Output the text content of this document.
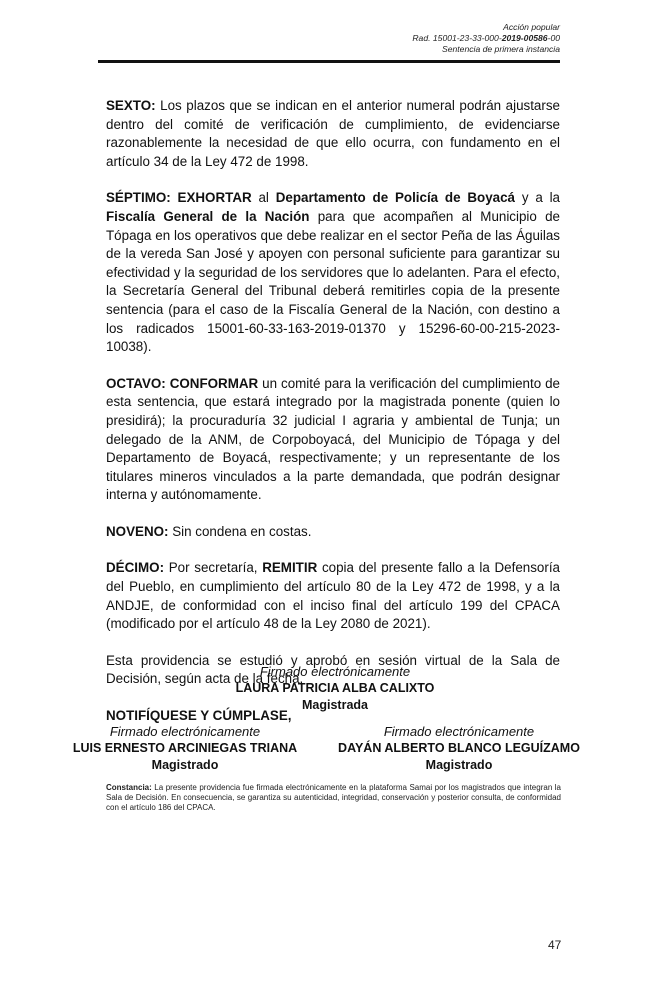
Acción popular
Rad. 15001-23-33-000-2019-00586-00
Sentencia de primera instancia

SEXTO: Los plazos que se indican en el anterior numeral podrán ajustarse dentro del comité de verificación de cumplimiento, de evidenciarse razonablemente la necesidad de que ello ocurra, con fundamento en el artículo 34 de la Ley 472 de 1998.

SÉPTIMO: EXHORTAR al Departamento de Policía de Boyacá y a la Fiscalía General de la Nación para que acompañen al Municipio de Tópaga en los operativos que debe realizar en el sector Peña de las Águilas de la vereda San José y apoyen con personal suficiente para garantizar su efectividad y la seguridad de los servidores que lo adelanten. Para el efecto, la Secretaría General del Tribunal deberá remitirles copia de la presente sentencia (para el caso de la Fiscalía General de la Nación, con destino a los radicados 15001-60-33-163-2019-01370 y 15296-60-00-215-2023-10038).

OCTAVO: CONFORMAR un comité para la verificación del cumplimiento de esta sentencia, que estará integrado por la magistrada ponente (quien lo presidirá); la procuraduría 32 judicial I agraria y ambiental de Tunja; un delegado de la ANM, de Corpoboyacá, del Municipio de Tópaga y del Departamento de Boyacá, respectivamente; y un representante de los titulares mineros vinculados a la parte demandada, que podrán designar interna y autónomamente.

NOVENO: Sin condena en costas.

DÉCIMO: Por secretaría, REMITIR copia del presente fallo a la Defensoría del Pueblo, en cumplimiento del artículo 80 de la Ley 472 de 1998, y a la ANDJE, de conformidad con el inciso final del artículo 199 del CPACA (modificado por el artículo 48 de la Ley 2080 de 2021).

Esta providencia se estudió y aprobó en sesión virtual de la Sala de Decisión, según acta de la fecha.

NOTIFÍQUESE Y CÚMPLASE,

Firmado electrónicamente
LAURA PATRICIA ALBA CALIXTO
Magistrada
Firmado electrónicamente
LUIS ERNESTO ARCINIEGAS TRIANA
Magistrado
Firmado electrónicamente
DAYÁN ALBERTO BLANCO LEGUÍZAMO
Magistrado
Constancia: La presente providencia fue firmada electrónicamente en la plataforma Samai por los magistrados que integran la Sala de Decisión. En consecuencia, se garantiza su autenticidad, integridad, conservación y posterior consulta, de conformidad con el artículo 186 del CPACA.
47
